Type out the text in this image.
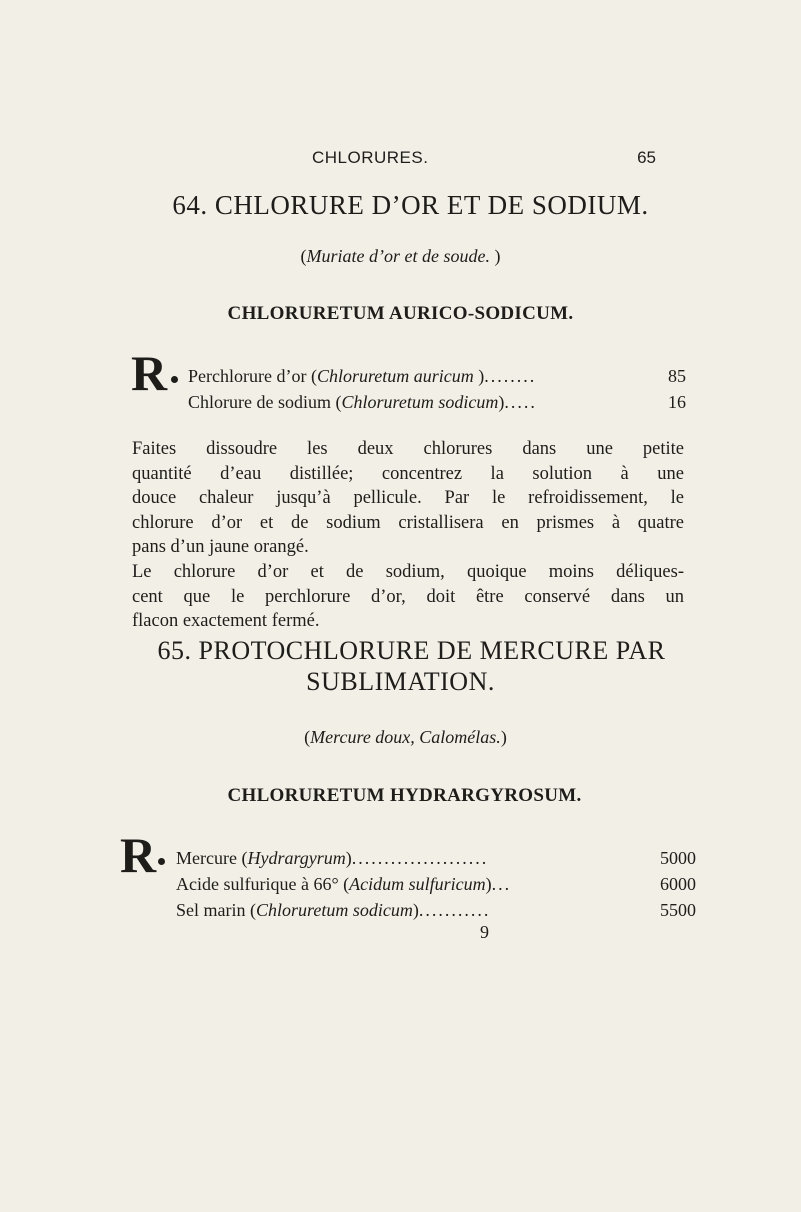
CHLORURES.	65
64. CHLORURE D’OR ET DE SODIUM.
(Muriate d’or et de soude. )
CHLORURETUM AURICO-SODICUM.
R Perchlorure d’or (Chloruretum auricum )........	85
Chlorure de sodium (Chloruretum sodicum).....	16
Faites dissoudre les deux chlorures dans une petite
quantité d’eau distillée; concentrez la solution à une
douce chaleur jusqu’à pellicule. Par le refroidissement, le
chlorure d’or et de sodium cristallisera en prismes à quatre
pans d’un jaune orangé.
Le chlorure d’or et de sodium, quoique moins déliques-
cent que le perchlorure d’or, doit être conservé dans un
flacon exactement fermé.
65. PROTOCHLORURE DE MERCURE PAR
SUBLIMATION.
(Mercure doux, Calomélas.)
CHLORURETUM HYDRARGYROSUM.
R Mercure (Hydrargyrum).....................	5000
Acide sulfurique à 66° (Acidum sulfuricum)...	6000
Sel marin (Chloruretum sodicum)...........	5500
9
